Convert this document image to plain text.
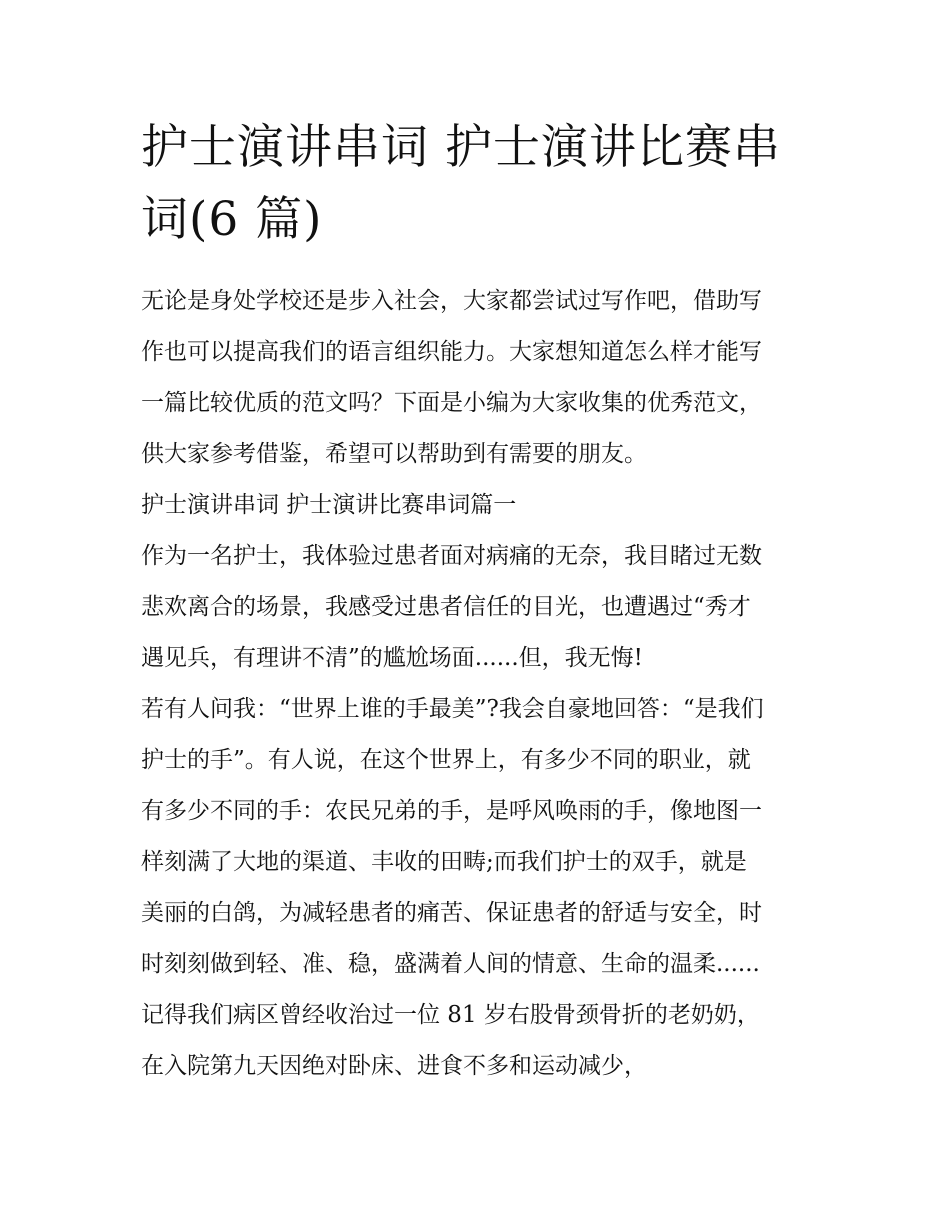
护士演讲串词 护士演讲比赛串
词(6 篇)
无论是身处学校还是步入社会，大家都尝试过写作吧，借助写
作也可以提高我们的语言组织能力。大家想知道怎么样才能写
一篇比较优质的范文吗？下面是小编为大家收集的优秀范文，
供大家参考借鉴，希望可以帮助到有需要的朋友。
护士演讲串词 护士演讲比赛串词篇一
作为一名护士，我体验过患者面对病痛的无奈，我目睹过无数
悲欢离合的场景，我感受过患者信任的目光，也遭遇过“秀才
遇见兵，有理讲不清”的尴尬场面......但，我无悔!
若有人问我：“世界上谁的手最美”?我会自豪地回答：“是我们
护士的手”。有人说，在这个世界上，有多少不同的职业，就
有多少不同的手：农民兄弟的手，是呼风唤雨的手，像地图一
样刻满了大地的渠道、丰收的田畴;而我们护士的双手，就是
美丽的白鸽，为减轻患者的痛苦、保证患者的舒适与安全，时
时刻刻做到轻、准、稳，盛满着人间的情意、生命的温柔......
记得我们病区曾经收治过一位 81 岁右股骨颈骨折的老奶奶，
在入院第九天因绝对卧床、进食不多和运动减少，
